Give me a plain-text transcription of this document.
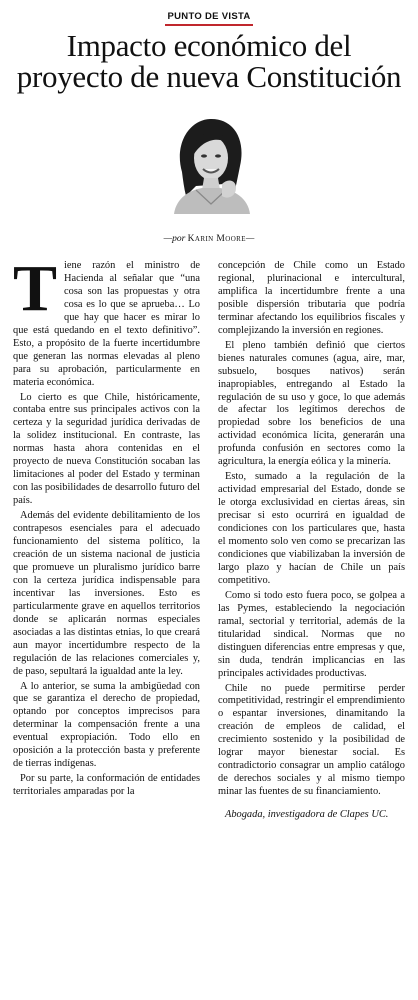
PUNTO DE VISTA
Impacto económico del proyecto de nueva Constitución
—por Karin Moore—

Tiene razón el ministro de Hacienda al señalar que “una cosa son las propuestas y otra cosa es lo que se aprueba… Lo que hay que hacer es mirar lo que está quedando en el texto definitivo”. Esto, a propósito de la fuerte incertidumbre que generan las normas elevadas al pleno para su aprobación, particularmente en materia económica.

Lo cierto es que Chile, históricamente, contaba entre sus principales activos con la certeza y la seguridad jurídica derivadas de la solidez institucional. En contraste, las normas hasta ahora contenidas en el proyecto de nueva Constitución socaban las limitaciones al poder del Estado y terminan con las posibilidades de desarrollo futuro del país.

Además del evidente debilitamiento de los contrapesos esenciales para el adecuado funcionamiento del sistema político, la creación de un sistema nacional de justicia que promueve un pluralismo jurídico barre con la certeza jurídica indispensable para incentivar las inversiones. Esto es particularmente grave en aquellos territorios donde se aplicarán normas especiales asociadas a las distintas etnias, lo que creará aun mayor incertidumbre respecto de la regulación de las relaciones comerciales y, de paso, sepultará la igualdad ante la ley.

A lo anterior, se suma la ambigüedad con que se garantiza el derecho de propiedad, optando por conceptos imprecisos para determinar la compensación frente a una eventual expropiación. Todo ello en oposición a la protección basta y preferente de tierras indígenas.

Por su parte, la conformación de entidades territoriales amparadas por la

concepción de Chile como un Estado regional, plurinacional e intercultural, amplifica la incertidumbre frente a una posible dispersión tributaria que podría terminar afectando los equilibrios fiscales y complejizando la inversión en regiones.

El pleno también definió que ciertos bienes naturales comunes (agua, aire, mar, subsuelo, bosques nativos) serán inapropiables, entregando al Estado la regulación de su uso y goce, lo que además de afectar los legítimos derechos de propiedad sobre los beneficios de una actividad económica lícita, generarán una profunda confusión en sectores como la agricultura, la energía eólica y la minería.

Esto, sumado a la regulación de la actividad empresarial del Estado, donde se le otorga exclusividad en ciertas áreas, sin precisar si esto ocurrirá en igualdad de condiciones con los particulares que, hasta el momento solo ven como se precarizan las condiciones que viabilizaban la inversión de largo plazo y hacían de Chile un país competitivo.

Como si todo esto fuera poco, se golpea a las Pymes, estableciendo la negociación ramal, sectorial y territorial, además de la titularidad sindical. Normas que no distinguen diferencias entre empresas y que, sin duda, tendrán implicancias en las principales actividades productivas.

Chile no puede permitirse perder competitividad, restringir el emprendimiento o espantar inversiones, dinamitando la creación de empleos de calidad, el crecimiento sostenido y la posibilidad de lograr mayor bienestar social. Es contradictorio consagrar un amplio catálogo de derechos sociales y al mismo tiempo minar las fuentes de su financiamiento.

Abogada, investigadora de Clapes UC.
